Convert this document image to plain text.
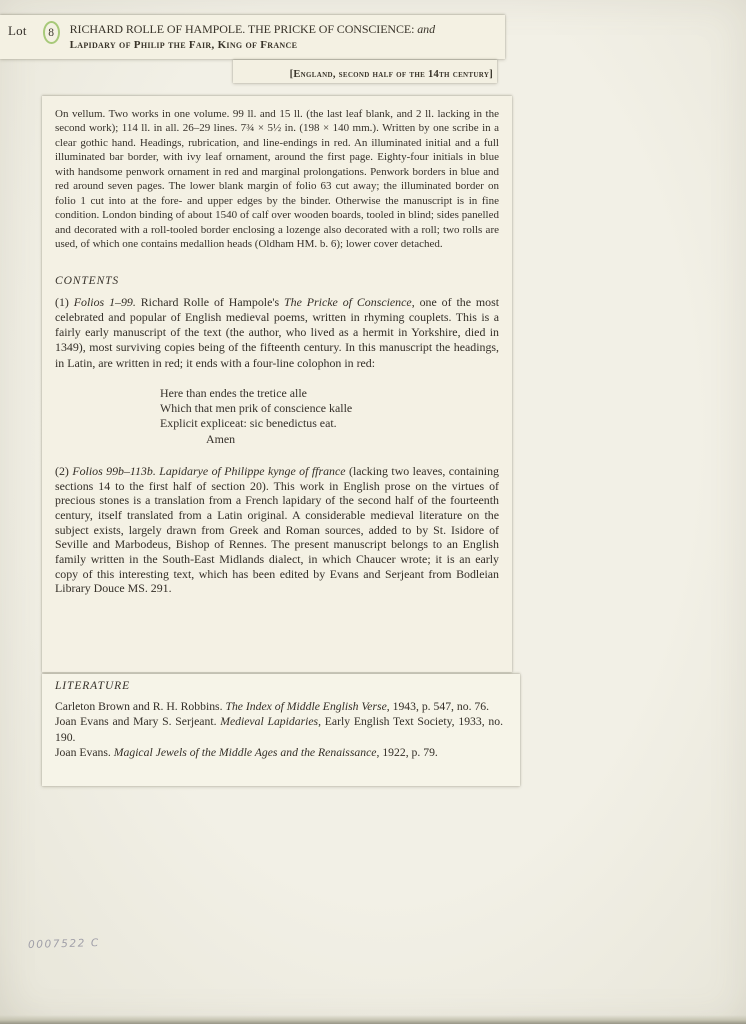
Lot 8 RICHARD ROLLE OF HAMPOLE. THE PRICKE OF CONSCIENCE: and
Lapidary of Philip the Fair, King of France
[England, second half of the 14th century]

On vellum. Two works in one volume. 99 ll. and 15 ll. (the last leaf blank, and 2 ll. lacking in the second work); 114 ll. in all. 26–29 lines. 7¾ × 5½ in. (198 × 140 mm.). Written by one scribe in a clear gothic hand. Headings, rubrication, and line-endings in red. An illuminated initial and a full illuminated bar border, with ivy leaf ornament, around the first page. Eighty-four initials in blue with handsome penwork ornament in red and marginal prolongations. Penwork borders in blue and red around seven pages. The lower blank margin of folio 63 cut away; the illuminated border on folio 1 cut into at the fore- and upper edges by the binder. Otherwise the manuscript is in fine condition. London binding of about 1540 of calf over wooden boards, tooled in blind; sides panelled and decorated with a roll-tooled border enclosing a lozenge also decorated with a roll; two rolls are used, of which one contains medallion heads (Oldham HM. b. 6); lower cover detached.

CONTENTS

(1) Folios 1–99. Richard Rolle of Hampole's The Pricke of Conscience, one of the most celebrated and popular of English medieval poems, written in rhyming couplets. This is a fairly early manuscript of the text (the author, who lived as a hermit in Yorkshire, died in 1349), most surviving copies being of the fifteenth century. In this manuscript the headings, in Latin, are written in red; it ends with a four-line colophon in red:

Here than endes the tretice alle
Which that men prik of conscience kalle
Explicit expliceat: sic benedictus eat.
Amen

(2) Folios 99b–113b. Lapidarye of Philippe kynge of ffrance (lacking two leaves, containing sections 14 to the first half of section 20). This work in English prose on the virtues of precious stones is a translation from a French lapidary of the second half of the fourteenth century, itself translated from a Latin original. A considerable medieval literature on the subject exists, largely drawn from Greek and Roman sources, added to by St. Isidore of Seville and Marbodeus, Bishop of Rennes. The present manuscript belongs to an English family written in the South-East Midlands dialect, in which Chaucer wrote; it is an early copy of this interesting text, which has been edited by Evans and Serjeant from Bodleian Library Douce MS. 291.

LITERATURE

Carleton Brown and R. H. Robbins. The Index of Middle English Verse, 1943, p. 547, no. 76.

Joan Evans and Mary S. Serjeant. Medieval Lapidaries, Early English Text Society, 1933, no. 190.

Joan Evans. Magical Jewels of the Middle Ages and the Renaissance, 1922, p. 79.

0007522 C
